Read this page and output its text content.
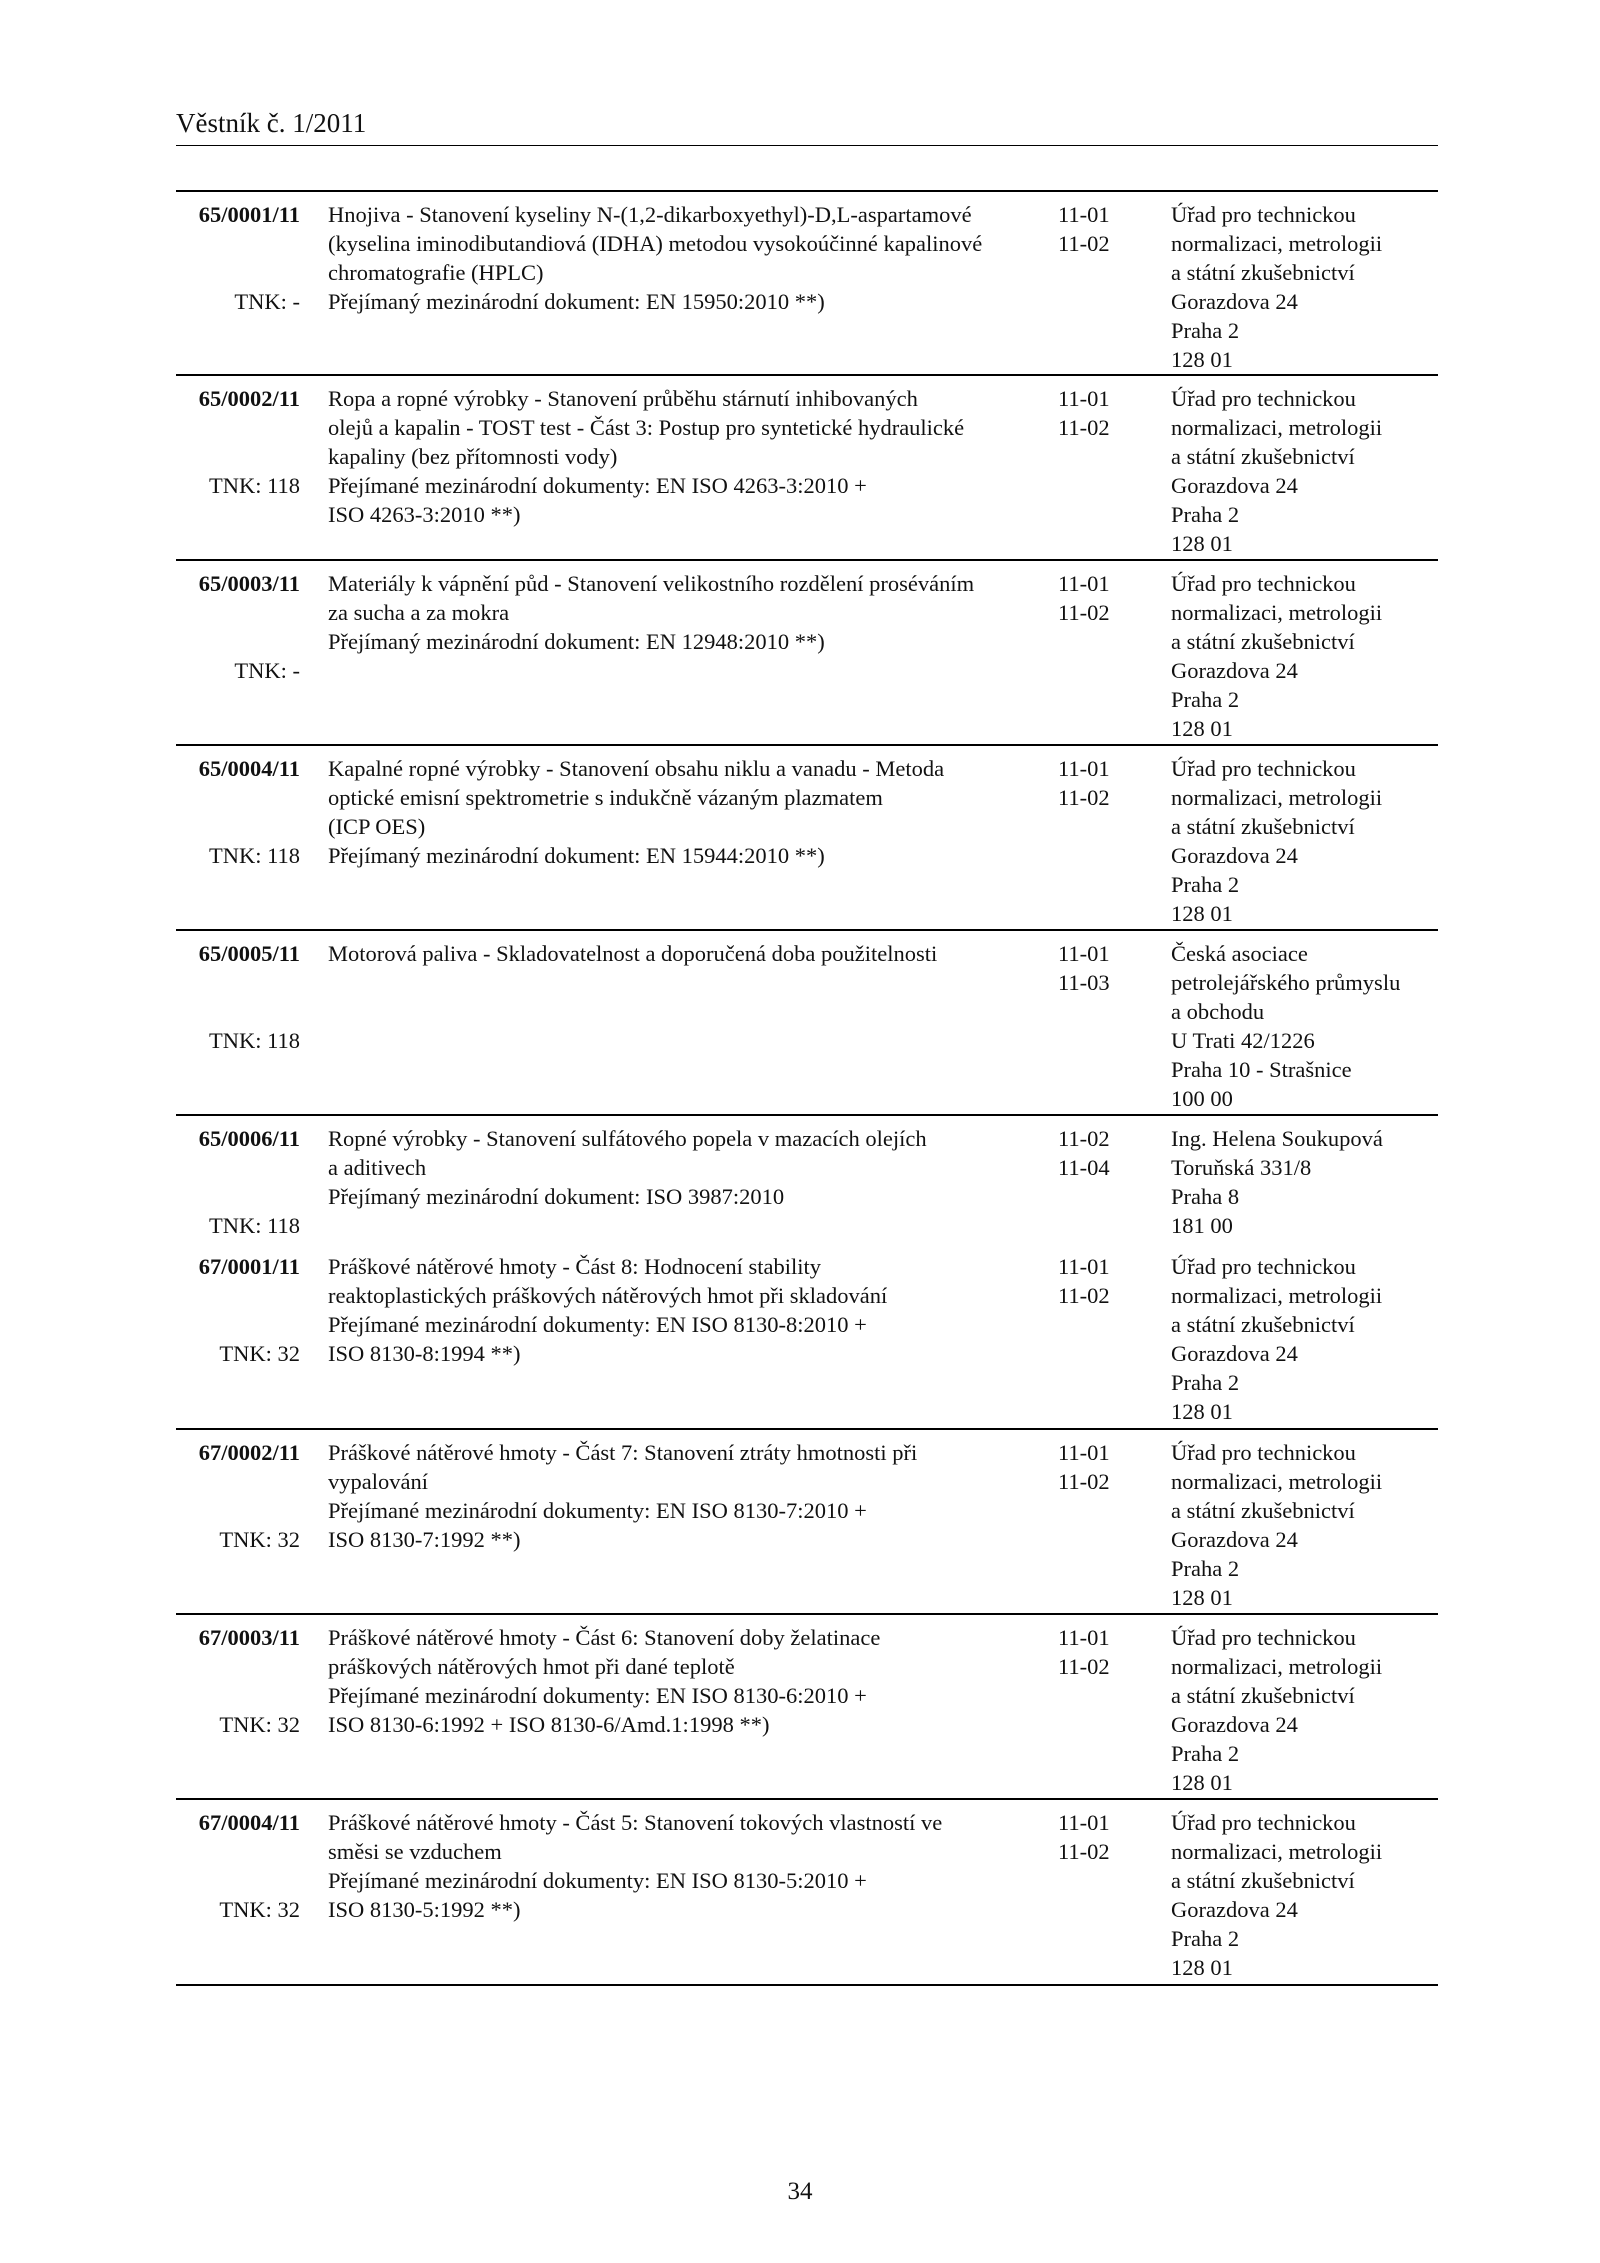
Věstník č. 1/2011
65/0001/11
TNK: -
Hnojiva - Stanovení kyseliny N-(1,2-dikarboxyethyl)-D,L-aspartamové
(kyselina iminodibutandiová (IDHA) metodou vysokoúčinné kapalinové
chromatografie (HPLC)
Přejímaný mezinárodní dokument: EN 15950:2010 **)
11-01
11-02
Úřad pro technickou
normalizaci, metrologii
a státní zkušebnictví
Gorazdova 24
Praha 2
128 01
65/0002/11
TNK: 118
Ropa a ropné výrobky - Stanovení průběhu stárnutí inhibovaných
olejů a kapalin - TOST test - Část 3: Postup pro syntetické hydraulické
kapaliny (bez přítomnosti vody)
Přejímané mezinárodní dokumenty: EN ISO 4263-3:2010 +
ISO 4263-3:2010 **)
11-01
11-02
Úřad pro technickou
normalizaci, metrologii
a státní zkušebnictví
Gorazdova 24
Praha 2
128 01
65/0003/11
TNK: -
Materiály k vápnění půd - Stanovení velikostního rozdělení proséváním
za sucha a za mokra
Přejímaný mezinárodní dokument: EN 12948:2010 **)
11-01
11-02
Úřad pro technickou
normalizaci, metrologii
a státní zkušebnictví
Gorazdova 24
Praha 2
128 01
65/0004/11
TNK: 118
Kapalné ropné výrobky - Stanovení obsahu niklu a vanadu - Metoda
optické emisní spektrometrie s indukčně vázaným plazmatem
(ICP OES)
Přejímaný mezinárodní dokument: EN 15944:2010 **)
11-01
11-02
Úřad pro technickou
normalizaci, metrologii
a státní zkušebnictví
Gorazdova 24
Praha 2
128 01
65/0005/11
TNK: 118
Motorová paliva - Skladovatelnost a doporučená doba použitelnosti	11-01
11-03
Česká asociace
petrolejářského průmyslu
a obchodu
U Trati 42/1226
Praha 10 - Strašnice
100 00
65/0006/11
TNK: 118
Ropné výrobky - Stanovení sulfátového popela v mazacích olejích
a aditivech
Přejímaný mezinárodní dokument: ISO 3987:2010
11-02
11-04
Ing. Helena Soukupová
Toruňská 331/8
Praha 8
181 00
67/0001/11
TNK: 32
Práškové nátěrové hmoty - Část 8: Hodnocení stability
reaktoplastických práškových nátěrových hmot při skladování
Přejímané mezinárodní dokumenty: EN ISO 8130-8:2010 +
ISO 8130-8:1994 **)
11-01
11-02
Úřad pro technickou
normalizaci, metrologii
a státní zkušebnictví
Gorazdova 24
Praha 2
128 01
67/0002/11
TNK: 32
Práškové nátěrové hmoty - Část 7: Stanovení ztráty hmotnosti při
vypalování
Přejímané mezinárodní dokumenty: EN ISO 8130-7:2010 +
ISO 8130-7:1992 **)
11-01
11-02
Úřad pro technickou
normalizaci, metrologii
a státní zkušebnictví
Gorazdova 24
Praha 2
128 01
67/0003/11
TNK: 32
Práškové nátěrové hmoty - Část 6: Stanovení doby želatinace
práškových nátěrových hmot při dané teplotě
Přejímané mezinárodní dokumenty: EN ISO 8130-6:2010 +
ISO 8130-6:1992 + ISO 8130-6/Amd.1:1998 **)
11-01
11-02
Úřad pro technickou
normalizaci, metrologii
a státní zkušebnictví
Gorazdova 24
Praha 2
128 01
67/0004/11
TNK: 32
Práškové nátěrové hmoty - Část 5: Stanovení tokových vlastností ve
směsi se vzduchem
Přejímané mezinárodní dokumenty: EN ISO 8130-5:2010 +
ISO 8130-5:1992 **)
11-01
11-02
Úřad pro technickou
normalizaci, metrologii
a státní zkušebnictví
Gorazdova 24
Praha 2
128 01
34
